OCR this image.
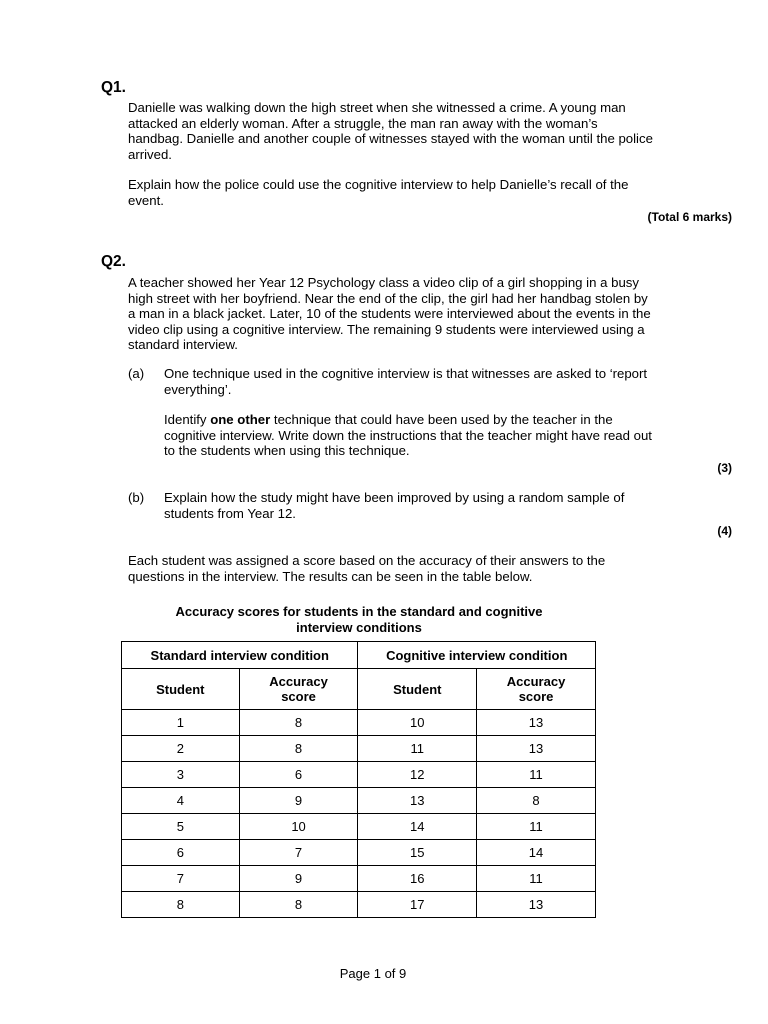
Q1.
Danielle was walking down the high street when she witnessed a crime. A young man
attacked an elderly woman. After a struggle, the man ran away with the woman’s
handbag. Danielle and another couple of witnesses stayed with the woman until the police
arrived.
Explain how the police could use the cognitive interview to help Danielle’s recall of the
event.
(Total 6 marks)
Q2.
A teacher showed her Year 12 Psychology class a video clip of a girl shopping in a busy
high street with her boyfriend. Near the end of the clip, the girl had her handbag stolen by
a man in a black jacket. Later, 10 of the students were interviewed about the events in the
video clip using a cognitive interview. The remaining 9 students were interviewed using a
standard interview.
(a) One technique used in the cognitive interview is that witnesses are asked to ‘report
everything’.
Identify one other technique that could have been used by the teacher in the
cognitive interview. Write down the instructions that the teacher might have read out
to the students when using this technique.
(3)
(b) Explain how the study might have been improved by using a random sample of
students from Year 12.
(4)
Each student was assigned a score based on the accuracy of their answers to the
questions in the interview. The results can be seen in the table below.
Accuracy scores for students in the standard and cognitive
interview conditions
Standard interview condition		Cognitive interview condition	
Student	Accuracy score	Student	Accuracy score
1	8	10	13
2	8	11	13
3	6	12	11
4	9	13	8
5	10	14	11
6	7	15	14
7	9	16	11
8	8	17	13
Page 1 of 9
